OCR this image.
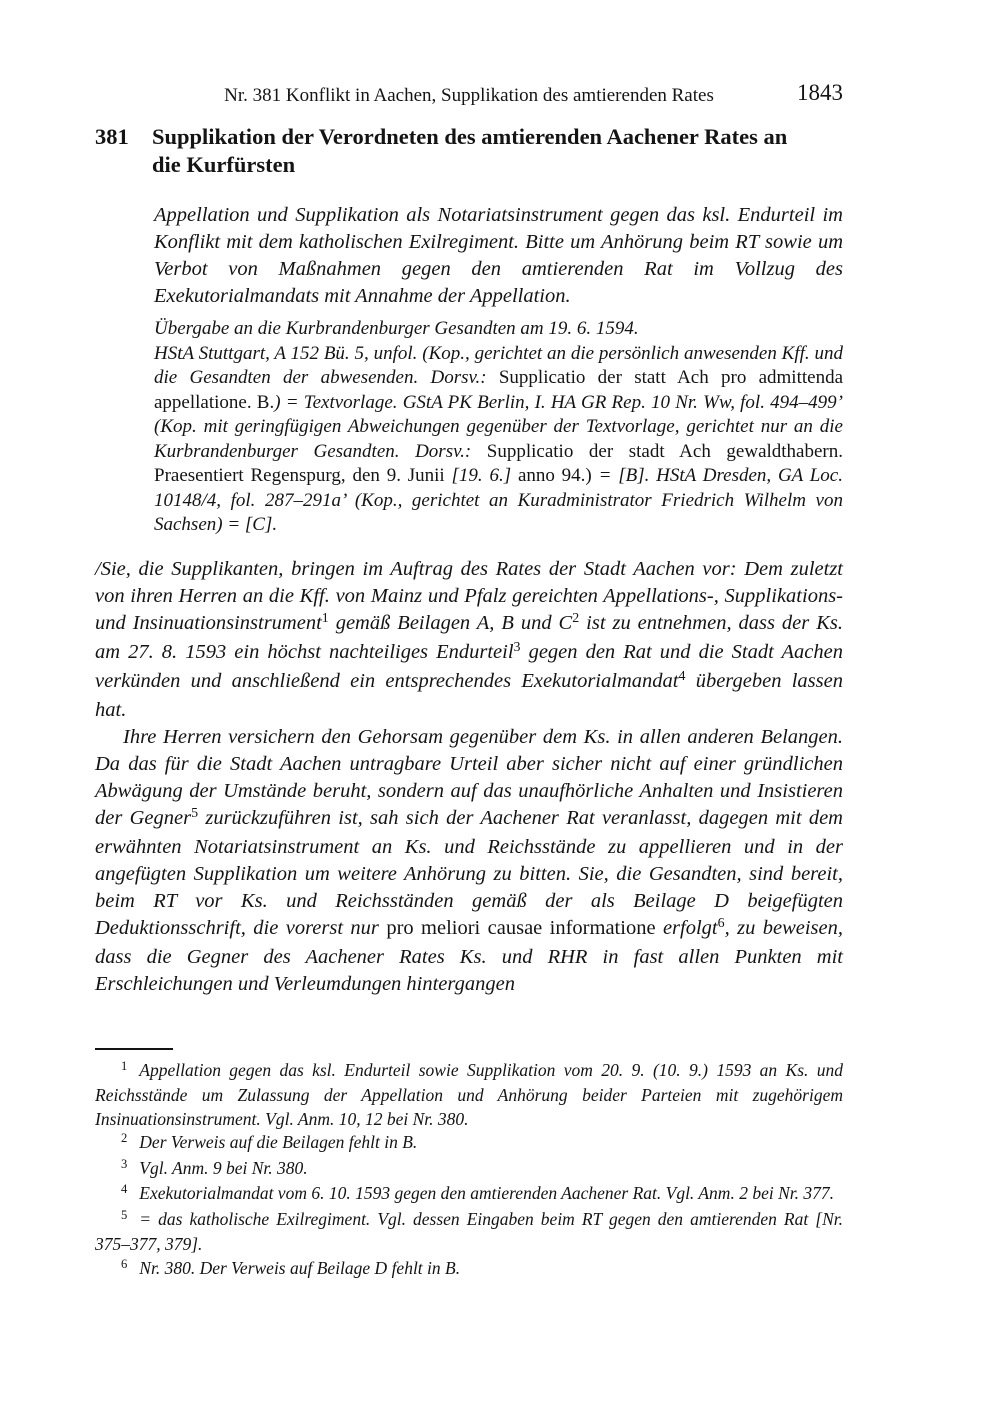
Nr. 381 Konflikt in Aachen, Supplikation des amtierenden Rates	1843
381	Supplikation der Verordneten des amtierenden Aachener Rates an die Kurfürsten

Appellation und Supplikation als Notariatsinstrument gegen das ksl. Endurteil im Konflikt mit dem katholischen Exilregiment. Bitte um Anhörung beim RT sowie um Verbot von Maßnahmen gegen den amtierenden Rat im Vollzug des Exekutorialmandats mit Annahme der Appellation.

Übergabe an die Kurbrandenburger Gesandten am 19. 6. 1594.

HStA Stuttgart, A 152 Bü. 5, unfol. (Kop., gerichtet an die persönlich anwesenden Kff. und die Gesandten der abwesenden. Dorsv.: Supplicatio der statt Ach pro admittenda appellatione. B.) = Textvorlage. GStA PK Berlin, I. HA GR Rep. 10 Nr. Ww, fol. 494–499’ (Kop. mit geringfügigen Abweichungen gegenüber der Textvorlage, gerichtet nur an die Kurbrandenburger Gesandten. Dorsv.: Supplicatio der stadt Ach gewaldthabern. Praesentiert Regenspurg, den 9. Junii [19. 6.] anno 94.) = [B]. HStA Dresden, GA Loc. 10148/4, fol. 287–291a’ (Kop., gerichtet an Kuradministrator Friedrich Wilhelm von Sachsen) = [C].

/Sie, die Supplikanten, bringen im Auftrag des Rates der Stadt Aachen vor: Dem zuletzt von ihren Herren an die Kff. von Mainz und Pfalz gereichten Appellations-, Supplikations- und Insinuationsinstrument$^1$ gemäß Beilagen A, B und $C^2$ ist zu entnehmen, dass der Ks. am 27. 8. 1593 ein höchst nachteiliges Endurteil$^3$ gegen den Rat und die Stadt Aachen verkünden und anschließend ein entsprechendes Exekutorialmandat$^4$ übergeben lassen hat.

Ihre Herren versichern den Gehorsam gegenüber dem Ks. in allen anderen Belangen. Da das für die Stadt Aachen untragbare Urteil aber sicher nicht auf einer gründlichen Abwägung der Umstände beruht, sondern auf das unaufhörliche Anhalten und Insistieren der Gegner$^5$ zurückzuführen ist, sah sich der Aachener Rat veranlasst, dagegen mit dem erwähnten Notariatsinstrument an Ks. und Reichsstände zu appellieren und in der angefügten Supplikation um weitere Anhörung zu bitten. Sie, die Gesandten, sind bereit, beim RT vor Ks. und Reichsständen gemäß der als Beilage D beigefügten Deduktionsschrift, die vorerst nur pro meliori causae informatione erfolgt$^6$, zu beweisen, dass die Gegner des Aachener Rates Ks. und RHR in fast allen Punkten mit Erschleichungen und Verleumdungen hintergangen

$^1$ Appellation gegen das ksl. Endurteil sowie Supplikation vom 20. 9. (10. 9.) 1593 an Ks. und Reichsstände um Zulassung der Appellation und Anhörung beider Parteien mit zugehörigem Insinuationsinstrument. Vgl. Anm. 10, 12 bei Nr. 380.

$^2$ Der Verweis auf die Beilagen fehlt in B.

$^3$ Vgl. Anm. 9 bei Nr. 380.

$^4$ Exekutorialmandat vom 6. 10. 1593 gegen den amtierenden Aachener Rat. Vgl. Anm. 2 bei Nr. 377.

$^5$ = das katholische Exilregiment. Vgl. dessen Eingaben beim RT gegen den amtierenden Rat [Nr. 375–377, 379].

$^6$ Nr. 380. Der Verweis auf Beilage D fehlt in B.
